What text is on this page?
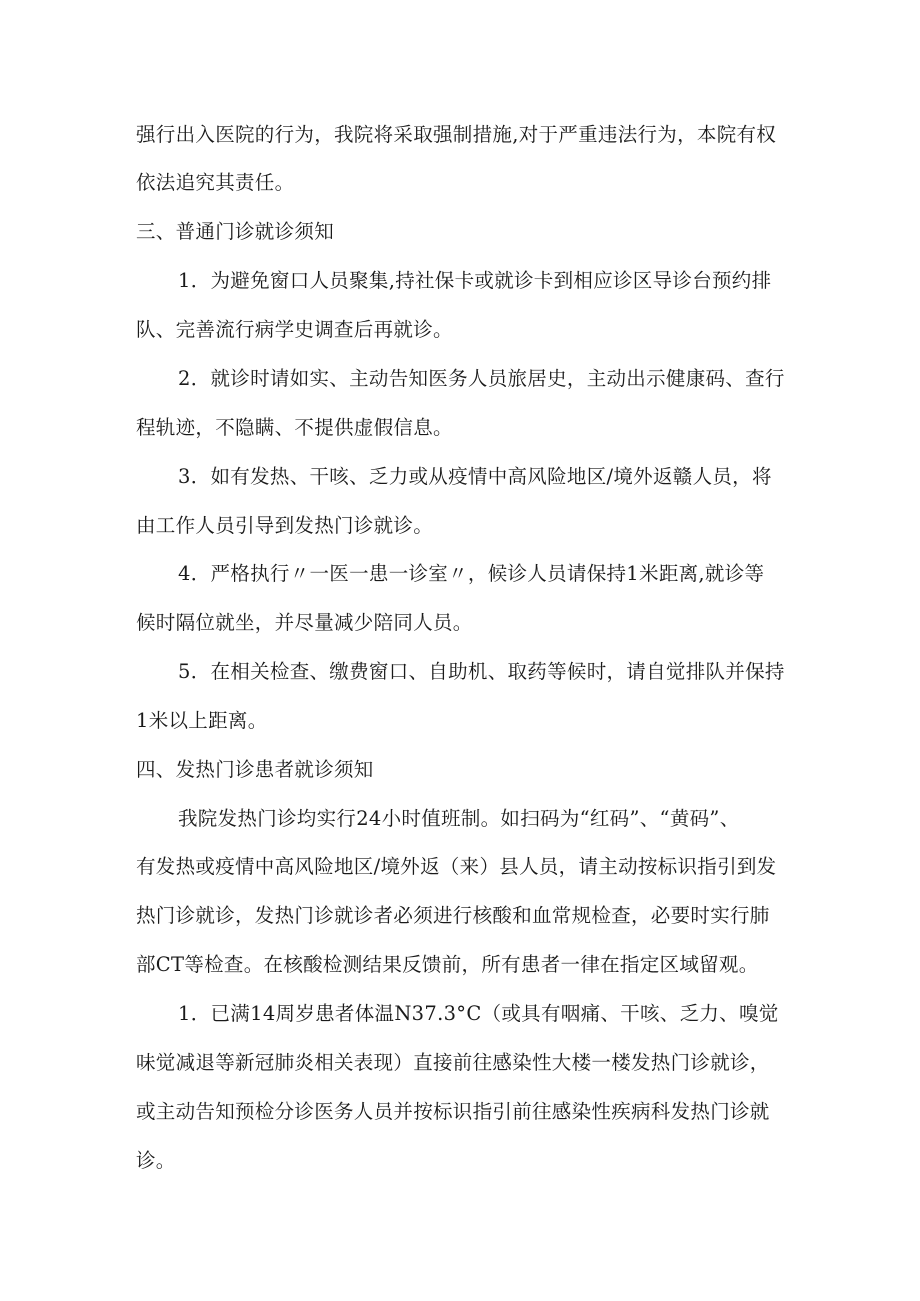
强行出入医院的行为，我院将采取强制措施,对于严重违法行为，本院有权
依法追究其责任。
三、普通门诊就诊须知
1．为避免窗口人员聚集,持社保卡或就诊卡到相应诊区导诊台预约排
队、完善流行病学史调查后再就诊。
2．就诊时请如实、主动告知医务人员旅居史，主动出示健康码、查行
程轨迹，不隐瞒、不提供虚假信息。
3．如有发热、干咳、乏力或从疫情中高风险地区/境外返赣人员，将
由工作人员引导到发热门诊就诊。
4．严格执行〃一医一患一诊室〃，候诊人员请保持1米距离,就诊等
候时隔位就坐，并尽量减少陪同人员。
5．在相关检查、缴费窗口、自助机、取药等候时，请自觉排队并保持
1米以上距离。
四、发热门诊患者就诊须知
我院发热门诊均实行24小时值班制。如扫码为“红码”、“黄码”、
有发热或疫情中高风险地区/境外返（来）县人员，请主动按标识指引到发
热门诊就诊，发热门诊就诊者必须进行核酸和血常规检查，必要时实行肺
部CT等检查。在核酸检测结果反馈前，所有患者一律在指定区域留观。
1．已满14周岁患者体温N37.3°C（或具有咽痛、干咳、乏力、嗅觉
味觉减退等新冠肺炎相关表现）直接前往感染性大楼一楼发热门诊就诊，
或主动告知预检分诊医务人员并按标识指引前往感染性疾病科发热门诊就
诊。
